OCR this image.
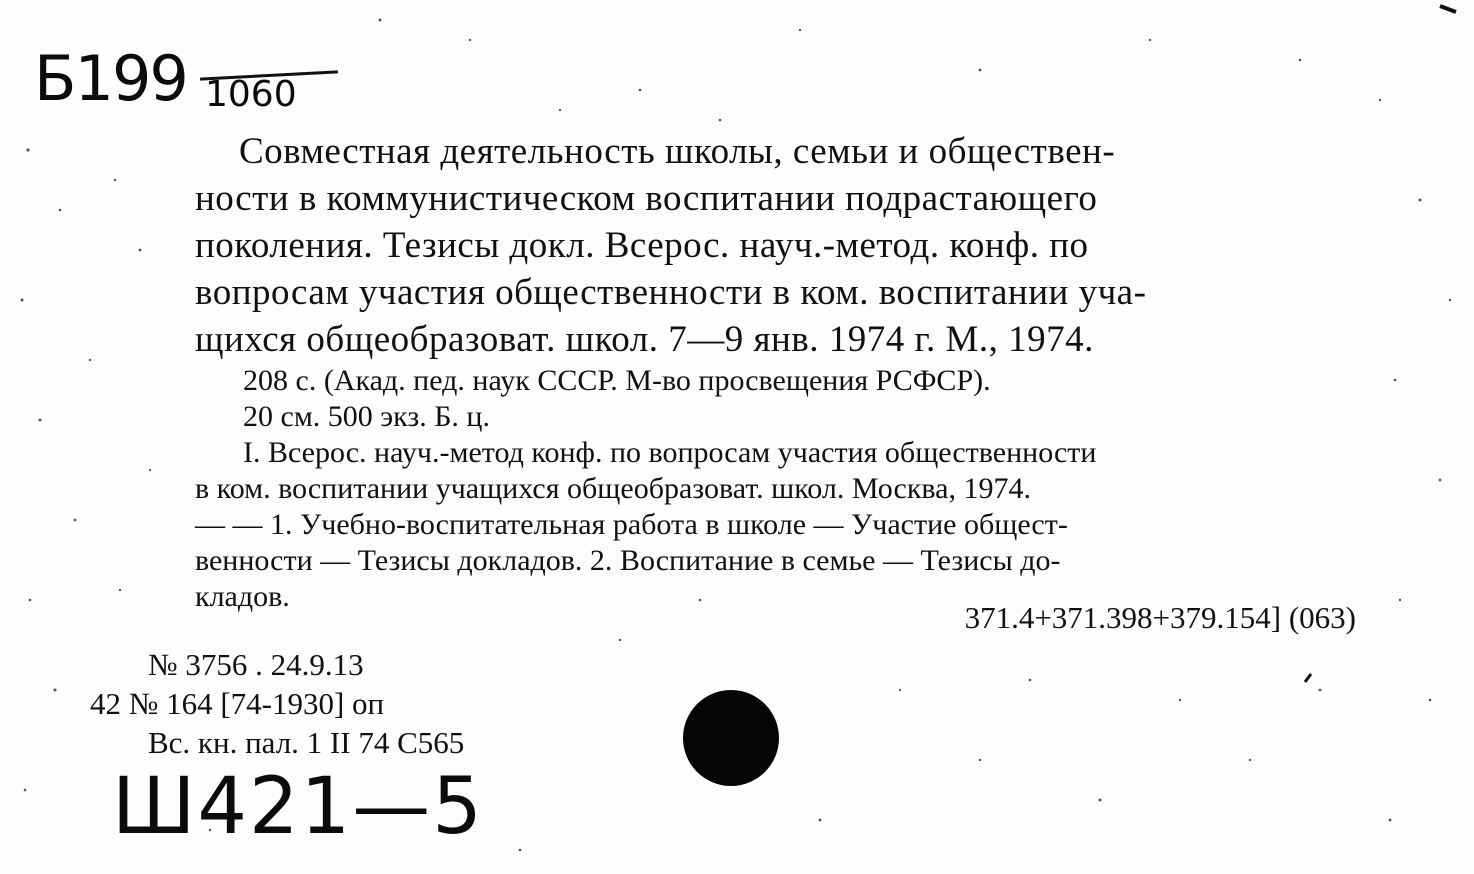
Б199 1060
Совместная деятельность школы, семьи и обществен-
ности в коммунистическом воспитании подрастающего
поколения. Тезисы докл. Всерос. науч.-метод. конф. по
вопросам участия общественности в ком. воспитании уча-
щихся общеобразоват. школ. 7—9 янв. 1974 г. М., 1974.
208 с. (Акад. пед. наук СССР. М-во просвещения РСФСР).
20 см. 500 экз. Б. ц.
I. Всерос. науч.-метод конф. по вопросам участия общественности
в ком. воспитании учащихся общеобразоват. школ. Москва, 1974.
— — 1. Учебно-воспитательная работа в школе — Участие общест-
венности — Тезисы докладов. 2. Воспитание в семье — Тезисы до-
кладов.
371.4+371.398+379.154] (063)
№ 3756 . 24.9.13
42 № 164 [74-1930] оп
Вс. кн. пал. 1 II 74 С565
Ш421—5
